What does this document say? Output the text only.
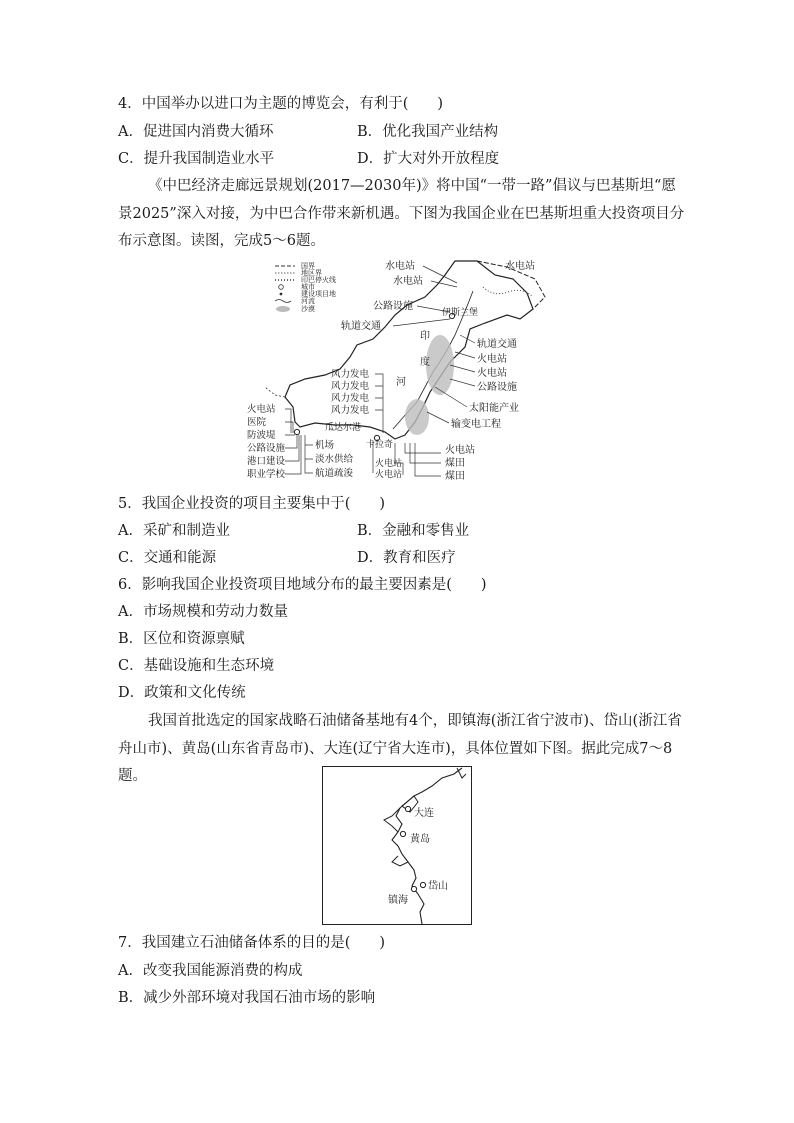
4．中国举办以进口为主题的博览会，有利于(　　)
A．促进国内消费大循环	B．优化我国产业结构
C．提升我国制造业水平	D．扩大对外开放程度
《中巴经济走廊远景规划(2017—2030年)》将中国“一带一路”倡议与巴基斯坦“愿景2025”深入对接，为中巴合作带来新机遇。下图为我国企业在巴基斯坦重大投资项目分布示意图。读图，完成5～6题。
国界
地区界
印巴停火线
城市
建设项目地
河流
沙漠	伊斯兰堡
瓜达尔港
卡拉奇
印
度
河
水电站
水电站
水电站
公路设施
轨道交通
轨道交通
火电站
火电站
公路设施
太阳能产业
输变电工程
风力发电
风力发电
风力发电
风力发电
火电站
医院
防波堤
公路设施
港口建设
职业学校
机场
淡水供给
航道疏浚
火电站
火电站
火电站
煤田
煤田
5．我国企业投资的项目主要集中于(　　)
A．采矿和制造业	B．金融和零售业
C．交通和能源	D．教育和医疗
6．影响我国企业投资项目地域分布的最主要因素是(　　)
A．市场规模和劳动力数量
B．区位和资源禀赋
C．基础设施和生态环境
D．政策和文化传统
我国首批选定的国家战略石油储备基地有4个，即镇海(浙江省宁波市)、岱山(浙江省舟山市)、黄岛(山东省青岛市)、大连(辽宁省大连市)，具体位置如下图。据此完成7～8题。
大连
黄岛
岱山
镇海
7．我国建立石油储备体系的目的是(　　)
A．改变我国能源消费的构成
B．减少外部环境对我国石油市场的影响
